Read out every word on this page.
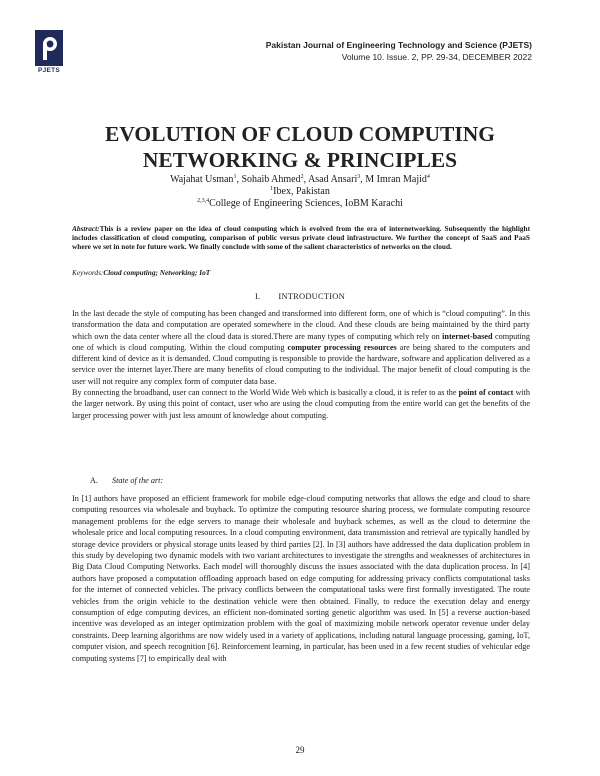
PJETS
Pakistan Journal of Engineering Technology and Science (PJETS)
Volume 10. Issue. 2, PP. 29-34, DECEMBER 2022
EVOLUTION OF CLOUD COMPUTING
NETWORKING & PRINCIPLES
Wajahat Usman$^1$, Sohaib Ahmed$^2$, Asad Ansari$^3$, M Imran Majid$^4$
$^1$Ibex, Pakistan
$^{2,3,4}$College of Engineering Sciences, IoBM Karachi
Abstract:This is a review paper on the idea of cloud computing which is evolved from the era of internetworking. Subsequently the highlight includes classification of cloud computing, comparison of public versus private cloud infrastructure. We further the concept of SaaS and PaaS where we set in note for future work. We finally conclude with some of the salient characteristics of networks on the cloud.
Keywords:Cloud computing; Networking; IoT
I. INTRODUCTION

In the last decade the style of computing has been changed and transformed into different form, one of which is “cloud computing”. In this transformation the data and computation are operated somewhere in the cloud. And these clouds are being maintained by the third party which own the data center where all the cloud data is stored.There are many types of computing which rely on internet-based computing one of which is cloud computing. Within the cloud computing computer processing resources are being shared to the computers and different kind of device as it is demanded. Cloud computing is responsible to provide the hardware, software and application delivered as a service over the internet layer.There are many benefits of cloud computing to the individual. The major benefit of cloud computing is the user will not require any complex form of computer data base.

By connecting the broadband, user can connect to the World Wide Web which is basically a cloud, it is refer to as the point of contact with the larger network. By using this point of contact, user who are using the cloud computing from the entire world can get the benefits of the larger processing power with just less amount of knowledge about computing.

A. State of the art:
In [1] authors have proposed an efficient framework for mobile edge-cloud computing networks that allows the edge and cloud to share computing resources via wholesale and buyback. To optimize the computing resource sharing process, we formulate computing resource management problems for the edge servers to manage their wholesale and buyback schemes, as well as the cloud to determine the wholesale price and local computing resources. In a cloud computing environment, data transmission and retrieval are typically handled by storage device providers or physical storage units leased by third parties [2]. In [3] authors have addressed the data duplication problem in this study by developing two dynamic models with two variant architectures to investigate the strengths and weaknesses of architectures in Big Data Cloud Computing Networks. Each model will thoroughly discuss the issues associated with the data duplication process. In [4] authors have proposed a computation offloading approach based on edge computing for addressing privacy conflicts computational tasks for the internet of connected vehicles. The privacy conflicts between the computational tasks were first formally investigated. The route vehicles from the origin vehicle to the destination vehicle were then obtained. Finally, to reduce the execution delay and energy consumption of edge computing devices, an efficient non-dominated sorting genetic algorithm was used. In [5] a reverse auction-based incentive was developed as an integer optimization problem with the goal of maximizing mobile network operator revenue under delay constraints. Deep learning algorithms are now widely used in a variety of applications, including natural language processing, gaming, IoT, computer vision, and speech recognition [6]. Reinforcement learning, in particular, has been used in a few recent studies of vehicular edge computing systems [7] to empirically deal with
29
